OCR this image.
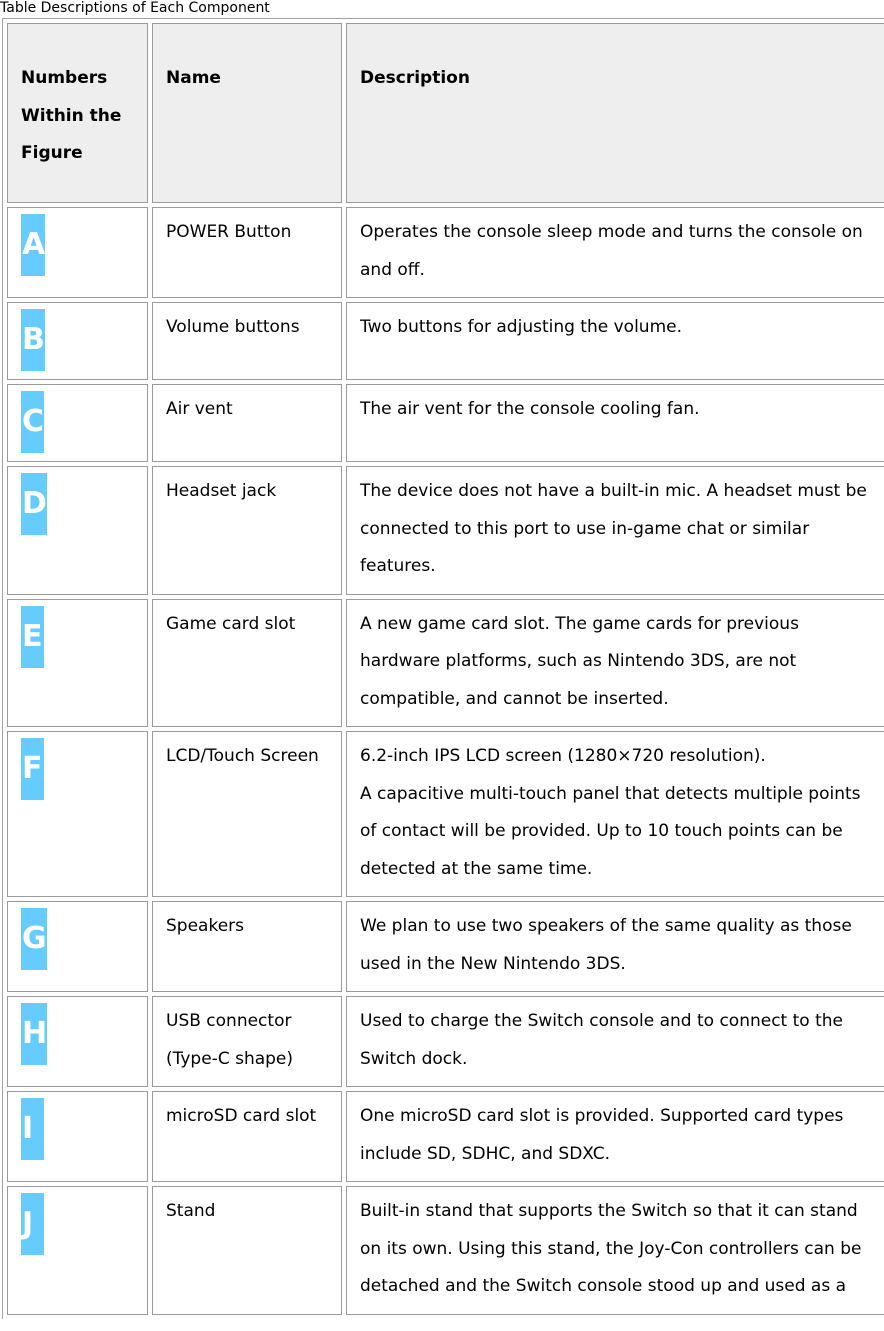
Table Descriptions of Each Component
Numbers Within the Figure	Name	Description
A	POWER Button	Operates the console sleep mode and turns the console on and off.
B	Volume buttons	Two buttons for adjusting the volume.
C	Air vent	The air vent for the console cooling fan.
D	Headset jack	The device does not have a built-in mic. A headset must be connected to this port to use in-game chat or similar features.
E	Game card slot	A new game card slot. The game cards for previous hardware platforms, such as Nintendo 3DS, are not compatible, and cannot be inserted.
F	LCD/Touch Screen	6.2-inch IPS LCD screen (1280×720 resolution).
A capacitive multi-touch panel that detects multiple points of contact will be provided. Up to 10 touch points can be detected at the same time.
G	Speakers	We plan to use two speakers of the same quality as those used in the New Nintendo 3DS.
H	USB connector (Type-C shape)	Used to charge the Switch console and to connect to the Switch dock.
I	microSD card slot	One microSD card slot is provided. Supported card types include SD, SDHC, and SDXC.
J	Stand	Built-in stand that supports the Switch so that it can stand on its own. Using this stand, the Joy-Con controllers can be detached and the Switch console stood up and used as a
